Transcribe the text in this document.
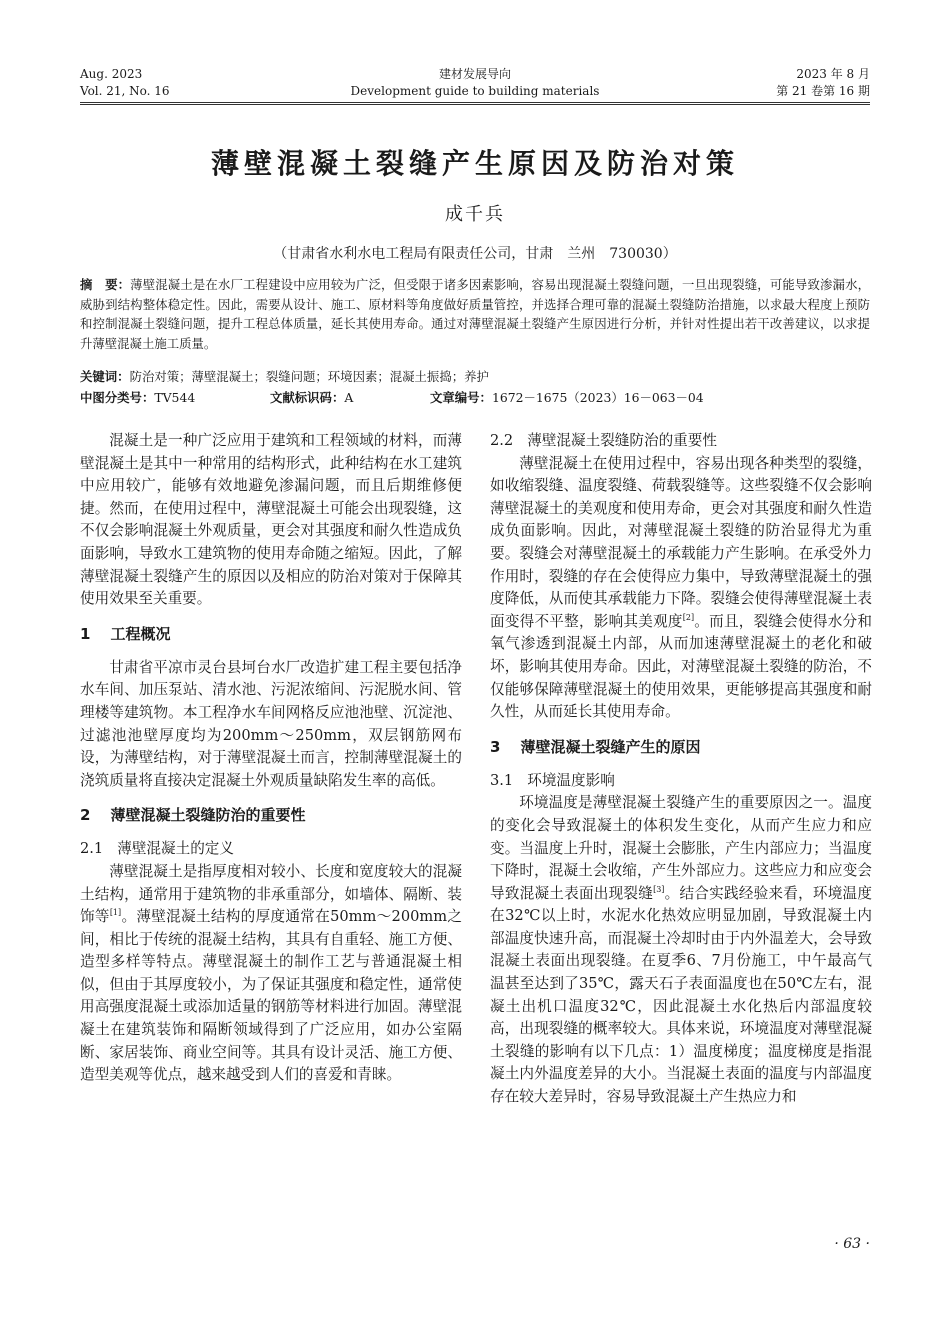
Aug. 2023
Vol. 21, No. 16
建材发展导向
Development guide to building materials
2023 年 8 月
第 21 卷第 16 期
薄壁混凝土裂缝产生原因及防治对策
成千兵
（甘肃省水利水电工程局有限责任公司，甘肃　兰州　730030）
摘　要：薄壁混凝土是在水厂工程建设中应用较为广泛，但受限于诸多因素影响，容易出现混凝土裂缝问题，一旦出现裂缝，可能导致渗漏水，威胁到结构整体稳定性。因此，需要从设计、施工、原材料等角度做好质量管控，并选择合理可靠的混凝土裂缝防治措施，以求最大程度上预防和控制混凝土裂缝问题，提升工程总体质量，延长其使用寿命。通过对薄壁混凝土裂缝产生原因进行分析，并针对性提出若干改善建议，以求提升薄壁混凝土施工质量。
关键词：防治对策；薄壁混凝土；裂缝问题；环境因素；混凝土振捣；养护
中图分类号：TV544	文献标识码：A	文章编号：1672－1675（2023）16－063－04

混凝土是一种广泛应用于建筑和工程领域的材料，而薄壁混凝土是其中一种常用的结构形式，此种结构在水工建筑中应用较广，能够有效地避免渗漏问题，而且后期维修便捷。然而，在使用过程中，薄壁混凝土可能会出现裂缝，这不仅会影响混凝土外观质量，更会对其强度和耐久性造成负面影响，导致水工建筑物的使用寿命随之缩短。因此，了解薄壁混凝土裂缝产生的原因以及相应的防治对策对于保障其使用效果至关重要。

1 工程概况

甘肃省平凉市灵台县坷台水厂改造扩建工程主要包括净水车间、加压泵站、清水池、污泥浓缩间、污泥脱水间、管理楼等建筑物。本工程净水车间网格反应池池壁、沉淀池、过滤池池壁厚度均为200mm～250mm，双层钢筋网布设，为薄壁结构，对于薄壁混凝土而言，控制薄壁混凝土的浇筑质量将直接决定混凝土外观质量缺陷发生率的高低。

2 薄壁混凝土裂缝防治的重要性
2.1 薄壁混凝土的定义

薄壁混凝土是指厚度相对较小、长度和宽度较大的混凝土结构，通常用于建筑物的非承重部分，如墙体、隔断、装饰等[1]。薄壁混凝土结构的厚度通常在50mm～200mm之间，相比于传统的混凝土结构，其具有自重轻、施工方便、造型多样等特点。薄壁混凝土的制作工艺与普通混凝土相似，但由于其厚度较小，为了保证其强度和稳定性，通常使用高强度混凝土或添加适量的钢筋等材料进行加固。薄壁混凝土在建筑装饰和隔断领域得到了广泛应用，如办公室隔断、家居装饰、商业空间等。其具有设计灵活、施工方便、造型美观等优点，越来越受到人们的喜爱和青睐。

2.2 薄壁混凝土裂缝防治的重要性

薄壁混凝土在使用过程中，容易出现各种类型的裂缝，如收缩裂缝、温度裂缝、荷载裂缝等。这些裂缝不仅会影响薄壁混凝土的美观度和使用寿命，更会对其强度和耐久性造成负面影响。因此，对薄壁混凝土裂缝的防治显得尤为重要。裂缝会对薄壁混凝土的承载能力产生影响。在承受外力作用时，裂缝的存在会使得应力集中，导致薄壁混凝土的强度降低，从而使其承载能力下降。裂缝会使得薄壁混凝土表面变得不平整，影响其美观度[2]。而且，裂缝会使得水分和氧气渗透到混凝土内部，从而加速薄壁混凝土的老化和破坏，影响其使用寿命。因此，对薄壁混凝土裂缝的防治，不仅能够保障薄壁混凝土的使用效果，更能够提高其强度和耐久性，从而延长其使用寿命。

3 薄壁混凝土裂缝产生的原因
3.1 环境温度影响

环境温度是薄壁混凝土裂缝产生的重要原因之一。温度的变化会导致混凝土的体积发生变化，从而产生应力和应变。当温度上升时，混凝土会膨胀，产生内部应力；当温度下降时，混凝土会收缩，产生外部应力。这些应力和应变会导致混凝土表面出现裂缝[3]。结合实践经验来看，环境温度在32℃以上时，水泥水化热效应明显加剧，导致混凝土内部温度快速升高，而混凝土冷却时由于内外温差大，会导致混凝土表面出现裂缝。在夏季6、7月份施工，中午最高气温甚至达到了35℃，露天石子表面温度也在50℃左右，混凝土出机口温度32℃，因此混凝土水化热后内部温度较高，出现裂缝的概率较大。具体来说，环境温度对薄壁混凝土裂缝的影响有以下几点：1）温度梯度；温度梯度是指混凝土内外温度差异的大小。当混凝土表面的温度与内部温度存在较大差异时，容易导致混凝土产生热应力和

· 63 ·
